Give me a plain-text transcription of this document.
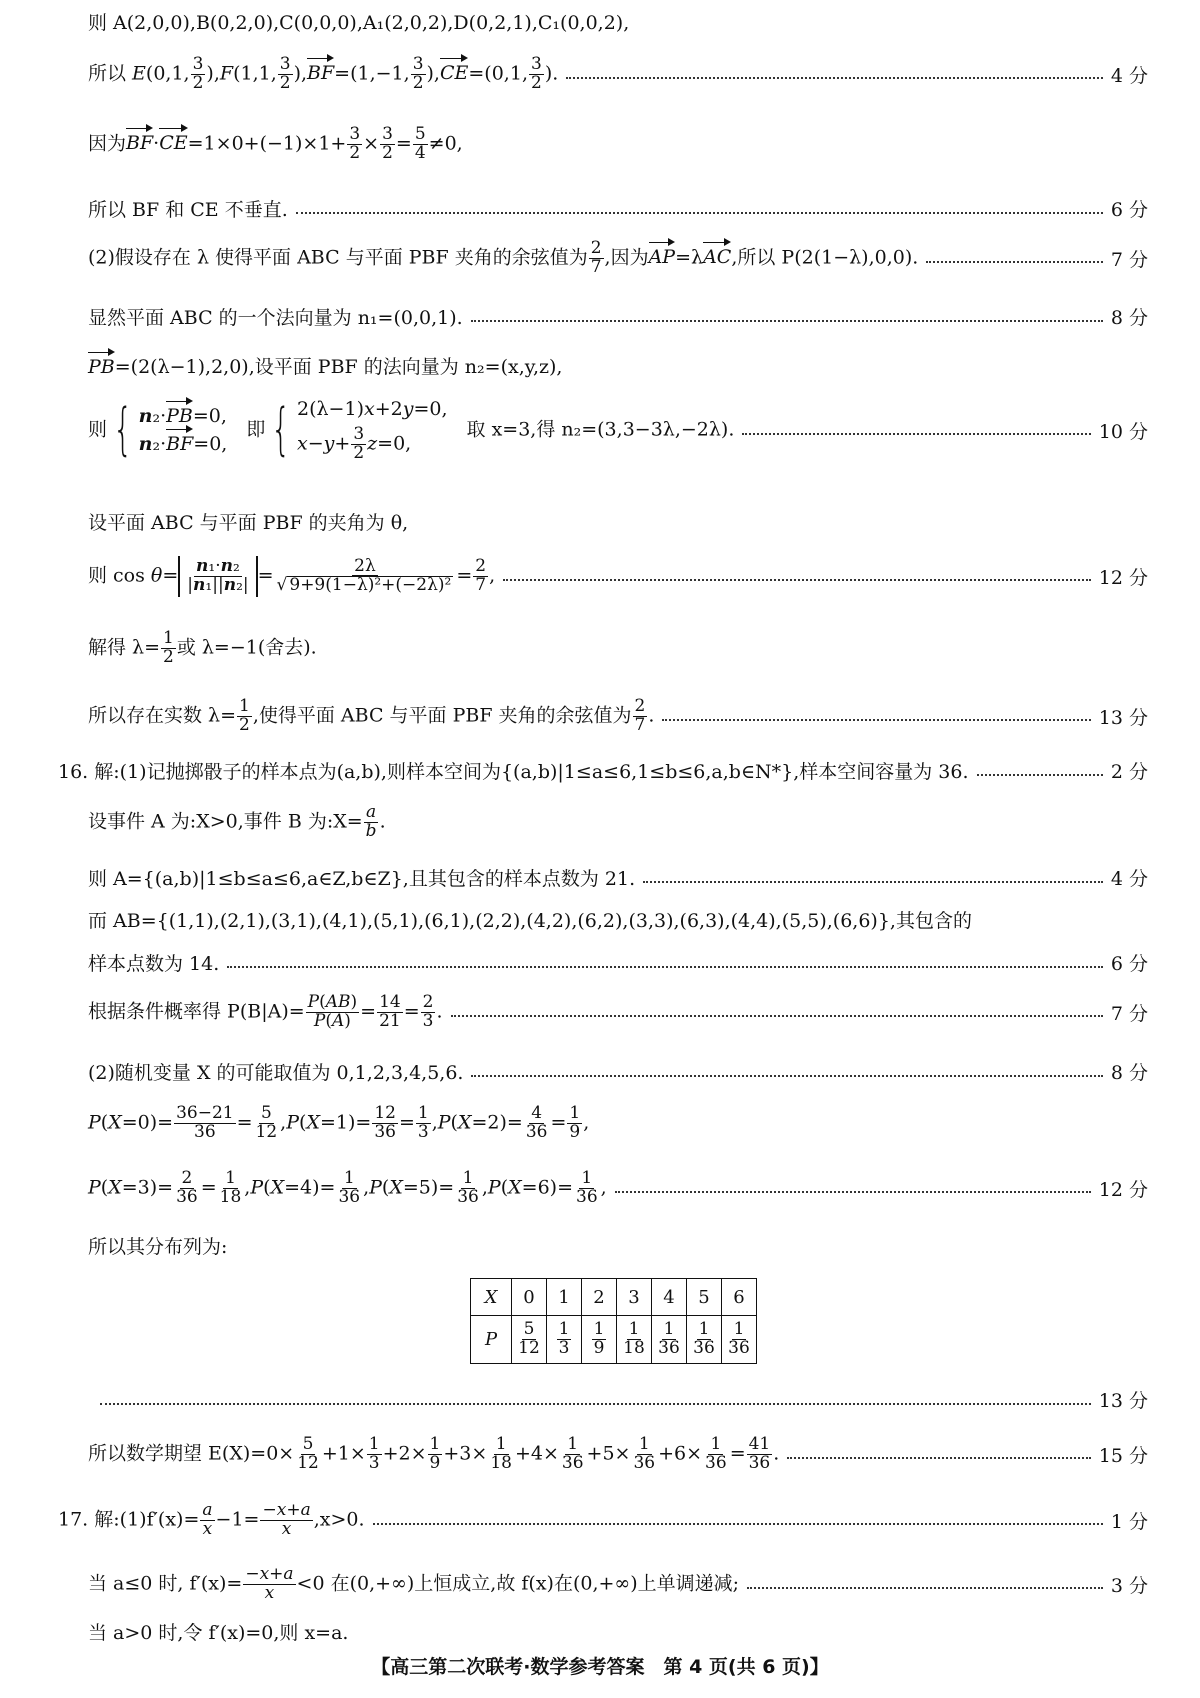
则 A(2,0,0),B(0,2,0),C(0,0,0),A₁(2,0,2),D(0,2,1),C₁(0,0,2),
所以 E(0,1, $\frac{3}{2} ),F(1,1$, $\frac{3}{2} ),BF=(1,-1$, $\frac{3}{2} ),CE=(0,1$, $\frac{3}{2}$ ).	4 分
因为$BF\cdot CE=1\times 0+(-1)\times 1+ \frac{3}{2} \times \frac{3}{2} = \frac{5}{4} \ne 0$,
所以 BF 和 CE 不垂直.	6 分
(2)假设存在 λ 使得平面 ABC 与平面 PBF 夹角的余弦值为 $\frac{2}{7}$ ,因为AP=λAC,所以 P(2(1−λ),0,0).	7 分
显然平面 ABC 的一个法向量为 n₁=(0,0,1).	8 分
PB=(2(λ−1),2,0),设平面 PBF 的法向量为 n₂=(x,y,z),
则 { n₂·PB=0,
n₂·BF=0,
　即 { 2(λ−1)x+2y=0,
$x-y+ \frac{3}{2} z=0$,
　取 x=3,得 n₂=(3,3−3λ,−2λ).	10 分
设平面 ABC 与平面 PBF 的夹角为 θ,
则 $\cos \theta= \frac{\text{n₁·n₂}}{\text{|n₁||n₂|}} = \frac{2\lambda}{\text{√ 9+9(1−λ)²+(−2λ)²}} = \frac{2}{7}$ ,	12 分
解得 $\lambda= \frac{1}{2}$ 或 λ=−1(舍去).
所以存在实数 $\lambda= \frac{1}{2}$ ,使得平面 ABC 与平面 PBF 夹角的余弦值为 $\frac{2}{7}$ .	13 分
16. 解:(1)记抛掷骰子的样本点为(a,b),则样本空间为{(a,b)|1≤a≤6,1≤b≤6,a,b∈N*},样本空间容量为 36.	2 分
设事件 A 为:X>0,事件 B 为:X= $\frac{a}{b}$ .
则 A={(a,b)|1≤b≤a≤6,a∈Z,b∈Z},且其包含的样本点数为 21.	4 分
而 AB={(1,1),(2,1),(3,1),(4,1),(5,1),(6,1),(2,2),(4,2),(6,2),(3,3),(6,3),(4,4),(5,5),(6,6)},其包含的
样本点数为 14.	6 分
根据条件概率得 $P(B|A)= \frac{P(AB)}{P(A)} = \frac{14}{21} = \frac{2}{3}$ .	7 分
(2)随机变量 X 的可能取值为 0,1,2,3,4,5,6.	8 分
$P(X=0)= \frac{36-21}{36} = \frac{5}{12} ,P(X=1)= \frac{12}{36} = \frac{1}{3} ,P(X=2)= \frac{4}{36} = \frac{1}{9}$ ,
$P(X=3)= \frac{2}{36} = \frac{1}{18} ,P(X=4)= \frac{1}{36} ,P(X=5)= \frac{1}{36} ,P(X=6)= \frac{1}{36}$ ,	12 分
所以其分布列为:
X	0	1	2	3	4	5	6
P	$\frac{5}{12}$	$\frac{1}{3}$	$\frac{1}{9}$	$\frac{1}{18}$	$\frac{1}{36}$	$\frac{1}{36}$	$\frac{1}{36}$
13 分
所以数学期望 $E(X)=0\times \frac{5}{12} +1\times \frac{1}{3} +2\times \frac{1}{9} +3\times \frac{1}{18} +4\times \frac{1}{36} +5\times \frac{1}{36} +6\times \frac{1}{36} = \frac{41}{36}$ .	15 分
17. 解:(1)f′(x)= $\frac{a}{x} -1= \frac{-x+a}{x} ,x>0$.	1 分
当 a≤0 时, $f'(x)= \frac{-x+a}{x} <0$ 在(0,+∞)上恒成立,故 f(x)在(0,+∞)上单调递减;	3 分
当 a>0 时,令 f′(x)=0,则 x=a.
【高三第二次联考·数学参考答案　第 4 页(共 6 页)】
